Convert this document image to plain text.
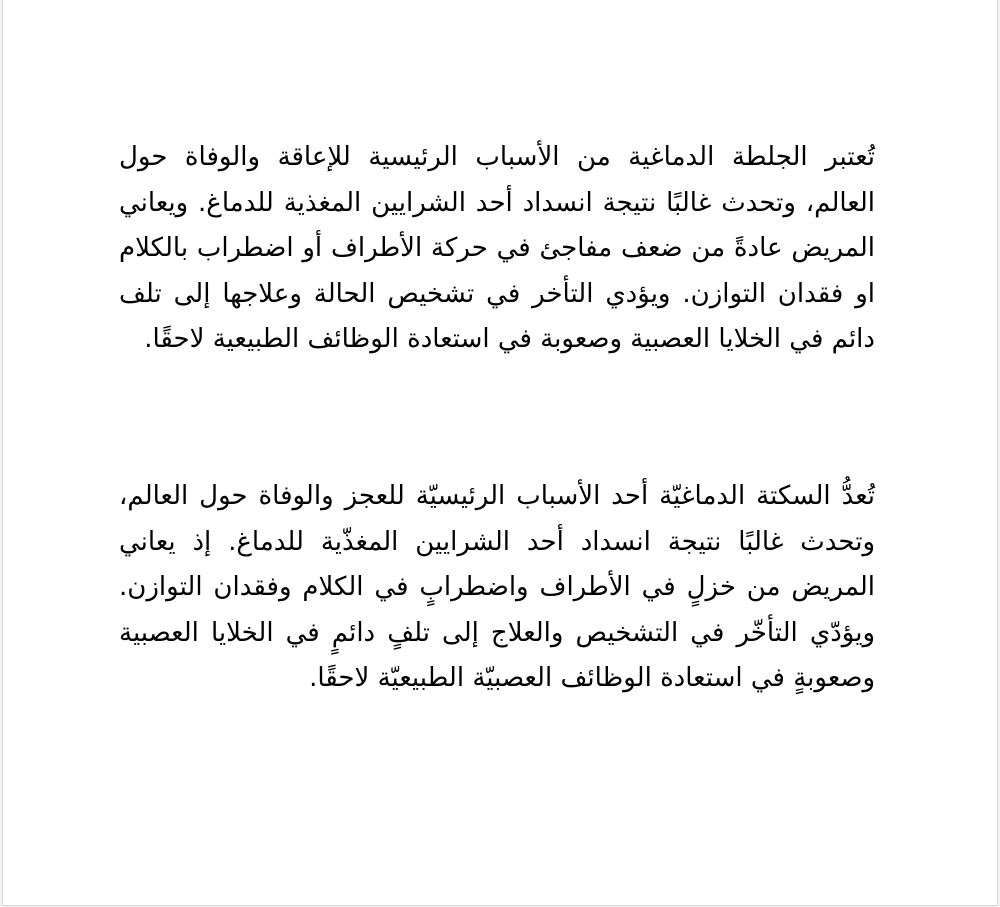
تُعتبر الجلطة الدماغية من الأسباب الرئيسية للإعاقة والوفاة حول العالم، وتحدث غالبًا نتيجة انسداد أحد الشرايين المغذية للدماغ. ويعاني المريض عادةً من ضعف مفاجئ في حركة الأطراف أو اضطراب بالكلام او فقدان التوازن. ويؤدي التأخر في تشخيص الحالة وعلاجها إلى تلف دائم في الخلايا العصبية وصعوبة في استعادة الوظائف الطبيعية لاحقًا.

تُعدُّ السكتة الدماغيّة أحد الأسباب الرئيسيّة للعجز والوفاة حول العالم، وتحدث غالبًا نتيجة انسداد أحد الشرايين المغذّية للدماغ. إذ يعاني المريض من خزلٍ في الأطراف واضطرابٍ في الكلام وفقدان التوازن. ويؤدّي التأخّر في التشخيص والعلاج إلى تلفٍ دائمٍ في الخلايا العصبية وصعوبةٍ في استعادة الوظائف العصبيّة الطبيعيّة لاحقًا.
